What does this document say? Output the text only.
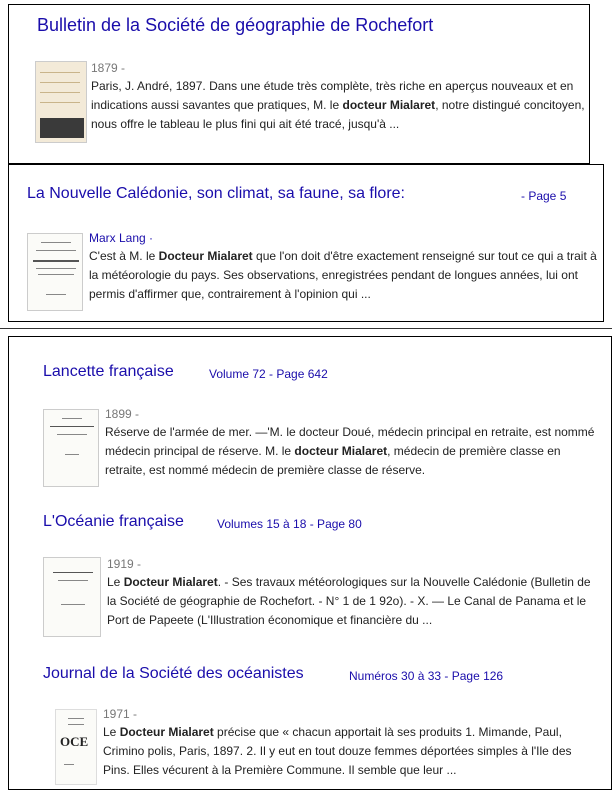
Bulletin de la Société de géographie de Rochefort
1879 -
Paris, J. André, 1897. Dans une étude très complète, très riche en aperçus nouveaux et en indications aussi savantes que pratiques, M. le docteur Mialaret, notre distingué concitoyen, nous offre le tableau le plus fini qui ait été tracé, jusqu'à ...
La Nouvelle Calédonie, son climat, sa faune, sa flore:	- Page 5
Marx Lang ·
C'est à M. le Docteur Mialaret que l'on doit d'être exactement renseigné sur tout ce qui a trait à la météorologie du pays. Ses observations, enregistrées pendant de longues années, lui ont permis d'affirmer que, contrairement à l'opinion qui ...
Lancette française	Volume 72 - Page 642
1899 -
Réserve de l'armée de mer. —'M. le docteur Doué, médecin principal en retraite, est nommé médecin principal de réserve. M. le docteur Mialaret, médecin de première classe en retraite, est nommé médecin de première classe de réserve.
L'Océanie française	Volumes 15 à 18 - Page 80
1919 -
Le Docteur Mialaret. - Ses travaux météorologiques sur la Nouvelle Calédonie (Bulletin de la Société de géographie de Rochefort. - N° 1 de 1 92o). - X. — Le Canal de Panama et le Port de Papeete (L'Illustration économique et financière du ...
Journal de la Société des océanistes	Numéros 30 à 33 - Page 126
OCE
1971 -
Le Docteur Mialaret précise que « chacun apportait là ses produits 1. Mimande, Paul, Crimino polis, Paris, 1897. 2. Il y eut en tout douze femmes déportées simples à l'Ile des Pins. Elles vécurent à la Première Commune. Il semble que leur ...
